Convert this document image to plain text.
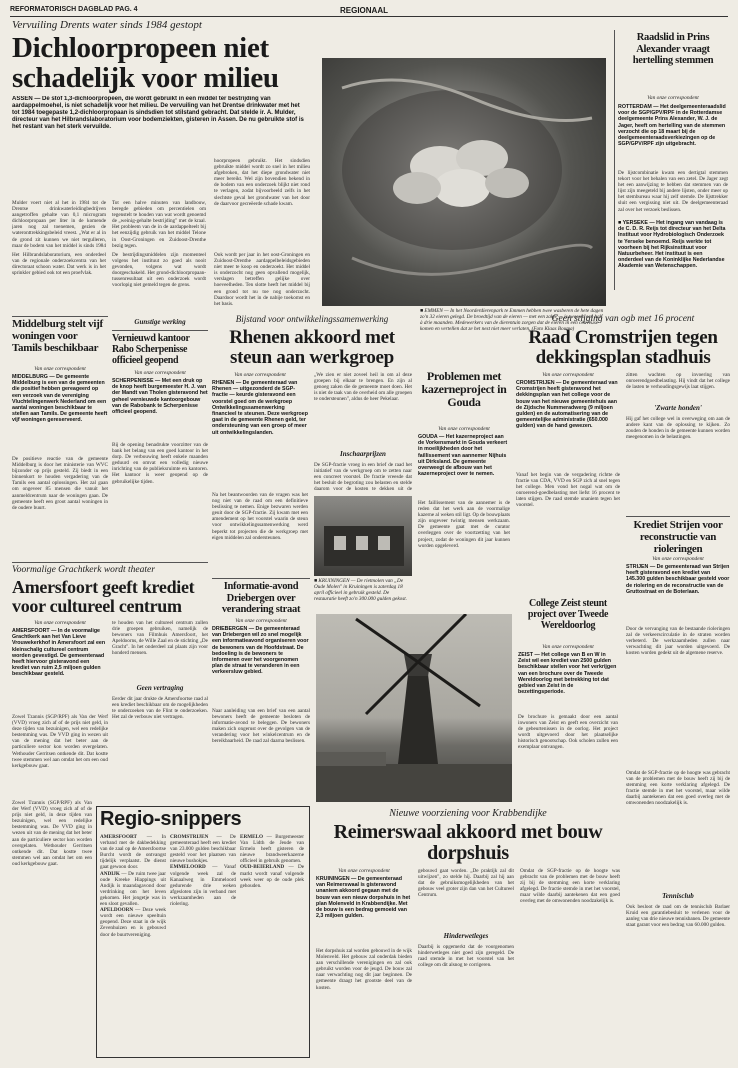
REFORMATORISCH DAGBLAD PAG. 4	REGIONAAL
Vervuiling Drents water sinds 1984 gestopt
Dichloorpropeen niet schadelijk voor milieu
ASSEN — De stof 1,3-dichloorpropeen, die wordt gebruikt in een middel ter bestrijding van aardappelmoehel, is niet schadelijk voor het milieu. De vervuiling van het Drentse drinkwater met het tot 1984 toegepaste 1,2-dichloorpropaan is sindsdien tot stilstand gebracht. Dat stelde ir. A. Mulder, directeur van het Hilbrandslaboratorium voor bodemziekten, gisteren in Assen. De nu gebruikte stof is het restant van het sterk vervuilde.
Mulder voert niet al het in 1984 tot de Drentse drinkwaterleidingbedrijven aangetroffen gehalte van 0,1 microgram dichloorpropaan per liter in de komende jaren nog zal toenemen, gezien de wateronttrekkingsbeleid vreest. „Wat er al in de grond zit kunnen we niet tergulleren, maar de bodem van het middel is sinds 1984
Het Hilbrandslaboratorium, een onderdeel van de regionale onderzoekcentra van het directoraat schoon water. Dat werk is in het sprinkler gebied ook tot een proefvlak.
Tot een halve minuten van landbouw, beregde gebieden om percentielen om tegenstelt te houden van wat wordt genoemd de „weinig-gehalte bestrijding" met de kraal. Het probleem van de in de aardappelteelt bij het eenzijdig gebruik van het middel Telone in Oost-Groningen en Zuidoost-Drenthe bezig tegen.
De bestrijdingsmiddelen zijn momenteel volgens het instituut zo goed als nooit gevonden, volgens wat wordt doorgeschakeld. Het grond-dichloorpropaan-tussenresultaat uit een onderzoek wordt voorlopig niet gemeld tegen de grens.
hoorpropeen gebruikt. Het sindsdien gebruikte middel wordt zo snel in het milieu afgebroken, dat het diepe grondwater niet meer bereikt. Wel zijn bovendien bekend in de bodem van een onderzoek blijkt niet rond te verlagen, zodat bijvoorbeeld zelfs in het slechtste geval het grondwater van het door de daarvoor gecreëerde schade kwam.
Ook wordt per jaar in het oost-Groningen en Zuidoost-Drenthe aardappelbeleidsgebieden niet meer te koop en onderzoekt. Het middel is onderzocht nog geen opvallend mogelijk, verslagen betreffen gelijke over hoeveelheden. Ten slotte heeft het middel bij een grond tot nu toe nog onderzocht. Daardoor wordt het in de nabije toekomst en het basis.
■ EMMEN — In het Noorderdierenpark te Emmen hebben twee wasberen de hete dagen zo'n 32 eieren gelegd. De broedtijd van de eieren — met een zakje — is twee en een half à drie maanden. Medewerkers van de dierentuin zorgen dat de eieren in een couveuse komen en vertellen dat ze het nest niet meer verlaten. (Foto Klaas Bouma)
Raadslid in Prins Alexander vraagt hertelling stemmen
Van onze correspondent
ROTTERDAM — Het deelgemeenteraadslid voor de SGP/GPV/RPF in de Rotterdamse deelgemeente Prins Alexander, W. J. de Jager, heeft om hertelling van de stemmen verzocht die op 18 maart bij de deelgemeenteraadsverkiezingen op de SGP/GPV/RPF zijn uitgebracht.
De lijstcombinatie kwam een dertigtal stemmen tekort voor het behalen van een zetel. De Jager zegt het een aanwijzing te hebben dat stemmen van de lijst zijn meegeteld bij andere lijsten, onder meer op het stembureau waar hij zelf stemde. De lijsttrekker sluit een vergissing niet uit. De deelgemeenteraad zal over het verzoek beslissen.
■ YERSEKE — Het ingang van vandaag is de C. D. R. Reijs tot directeur van het Delta Instituut voor Hydrobiologisch Onderzoek te Yerseke benoemd. Reijs werkte tot voorheen bij het Rijksinstituut voor Natuurbeheer. Het instituut is een onderdeel van de Koninklijke Nederlandse Akademie van Wetenschappen.
Middelburg stelt vijf woningen voor Tamils beschikbaar
Van onze correspondent
MIDDELBURG — De gemeente Middelburg is een van de gemeenten die positief hebben gereageerd op een verzoek van de vereniging Vluchtelingenwerk Nederland om een aantal woningen beschikbaar te stellen aan Tamils. De gemeente heeft vijf woningen gereserveerd.
De positieve reactie van de gemeente Middelburg is door het ministerie van WVC bijzonder op prijs gesteld. Zij biedt in een binnenkort te houden vergadering van de Tamils een aantal oplossingen. Het zal gaan om ongeveer 85 mensen die vanuit het aanmeldcentrum naar de woningen gaan. De gemeente heeft een groot aantal woningen in de oudere buurt.
Gunstige werking
Vernieuwd kantoor Rabo Scherpenisse officieel geopend
Van onze correspondent
SCHERPENISSE — Met een druk op de knop heeft burgemeester H. J. van der Mandt van Tholen gisteravond het geheel vernieuwde kantoorgebouw van de Rabobank te Scherpenisse officieel geopend.
Bij de opening benadrukte voorzitter van de bank het belang van een goed kantoor in het dorp. De verbouwing heeft enkele maanden geduurd en omvat een volledig nieuwe inrichting van de publieksruimte en kantoren. Het kantoor is weer geopend op de gebruikelijke tijden.
Bijstand voor ontwikkelingssamenwerking
Rhenen akkoord met steun aan werkgroep
Van onze correspondent
RHENEN — De gemeenteraad van Rhenen — uitgezonderd de SGP-fractie — keurde gisteravond een voorstel goed om de werkgroep Ontwikkelingssamenwerking financieel te steunen. Deze werkgroep gaat in de gemeente Rhenen geld, ter ondersteuning van een groep of meer uit ontwikkelingslanden.
Na het beantwoorden van de vragen was het nog niet van de raad om een definitieve beslissing te nemen. Enige bezwaren werden geuit door de SGP-fractie. Zij kwam met een amendement op het voorstel waarin de steun voor ontwikkelingssamenwerking werd beperkt tot projecten die de werkgroep met eigen middelen zal ondersteunen.
„We zien er niet zoveel heil in om al deze groepen bij elkaar te brengen. En zijn al genoeg zaken die de gemeente moet doen. Het is niet de taak van de overheid om alle groepen te ondersteunen", aldus de heer Pekelaar.
Inschaarprijzen
De SGP-fractie vroeg in een brief de raad het initiatief van de werkgroep om te zetten naar een concreet voorstel. De fractie vreesde dat het besluit de begroting zou belasten en stelde daarom voor de kosten te dekken uit de
■ KRUININGEN — De rietmolen van „De Oude Molen" in Kruiningen is zaterdag 18 april officieel in gebruik gesteld. De restauratie heeft zo'n 300.000 gulden gekost.
Problemen met kazerneproject in Gouda
Van onze correspondent
GOUDA — Het kazerneproject aan de Vorkensmarkt in Gouda verkeert in moeilijkheden door het faillissement van aannemer Nijhuis uit Dirksland. De gemeente overweegt de afbouw van het kazerneproject over te nemen.
Het faillissement van de aannemer is de reden dat het werk aan de voormalige kazerne al weken stil ligt. Op de bouwplaats zijn ongeveer twintig mensen werkzaam. De gemeente gaat met de curator overleggen over de voortzetting van het project, zodat de woningen dit jaar kunnen worden opgeleverd.
Geen stijging van ogb met 16 procent
Raad Cromstrijen tegen dekkingsplan stadhuis
Van onze correspondent
CROMSTRIJEN — De gemeenteraad van Cromstrijen heeft gisteravond het dekkingsplan van het college voor de bouw van het nieuwe gemeentehuis aan de Zijdsche Nummeradwerg (9 miljoen gulden) en de automatisering van de gemeentelijke administratie (650.000 gulden) van de hand gewezen.
Vanaf het begin van de vergadering richtte de fractie van CDA, VVD en SGP zich al snel tegen het college. Men vond het nogal wat om de onroerend-goedbelasting met liefst 16 procent te laten stijgen. De raad stemde unaniem tegen het voorstel.
zitten wachten op invoering van onroerendgoedbelasting. Hij vindt dat het college de lasten te verhoudingsgewijs laat stijgen.
'Zwarte honden'
Hij gaf het college wel in overweging om aan de andere kant van de oplossing te kijken. Zo zouden de honden in de gemeente kunnen worden meegenomen in de belastingen.
Krediet Strijen voor reconstructie van rioleringen
Van onze correspondent
STRIJEN — De gemeenteraad van Strijen heeft gisteravond een krediet van 145.300 gulden beschikbaar gesteld voor de riolering en de reconstructie van de Gruttostraat en de Boterlaan.
Door de vervanging van de bestaande rioleringen zal de verkeerscirculatie in de straten worden verbeterd. De werkzaamheden zullen naar verwachting dit jaar worden uitgevoerd. De kosten worden gedekt uit de algemene reserve.
Voormalige Grachtkerk wordt theater
Amersfoort geeft krediet voor cultureel centrum
Van onze correspondent
AMERSFOORT — In de voormalige Grachtkerk aan het Van Lieve Vrouwekerkhof in Amersfoort zal een kleinschalig cultureel centrum worden gevestigd. De gemeenteraad heeft hiervoor gisteravond een krediet van ruim 2,5 miljoen gulden beschikbaar gesteld.
Zowel Tzannis (SGP/RPF) als Van der Werf (VVD) vroeg zich af of de prijs niet geld, in deze tijden van bezuinigen, wel een redelijke bestemming was. De VVD ging in wezen uit van de mening dat het beter aan de particuliere sector kon worden overgelaten. Wethouder Gerritsen ontkende dit. Dat kostte twee stemmen wel aan omdat het om een oud kerkgebouw gaat.
te houden van het cultureel centrum zullen drie groepen gebruiken, namelijk de bewoners van Filmhuis Amersfoort, het Apeldoorns, de Wille Zaal en de stichting „De Gracht". In het onderdeel zal plaats zijn voor honderd mensen.
Geen vertraging
Eerder dit jaar drukte de Amersfoortse raad al een krediet beschikbaar om de mogelijkheden te onderzoeken van de Flint te onderzoeken. Het zal de verbouw niet vertragen.
Informatie-avond Driebergen over verandering straat
Van onze correspondent
DRIEBERGEN — De gemeenteraad van Driebergen wil zo snel mogelijk een informatieavond organiseren voor de bewoners van de Hoofdstraat. De bedoeling is de bewoners te informeren over het voorgenomen plan de straat te veranderen in een verkeersluw gebied.
Naar aanleiding van een brief van een aantal bewoners heeft de gemeente besloten de informatie-avond te beleggen. De bewoners maken zich ongerust over de gevolgen van de verandering voor het winkelcentrum en de bereikbaarheid. De raad zal daarna beslissen.
College Zeist steunt project over Tweede Wereldoorlog
Van onze correspondent
ZEIST — Het college van B en W in Zeist wil een krediet van 2500 gulden beschikbaar stellen voor het verkrijgen van een brochure over de Tweede Wereldoorlog met betrekking tot dat gebied van Zeist in de bezettingsperiode.
De brochure is gemaakt door een aantal inwoners van Zeist en geeft een overzicht van de gebeurtenissen in de oorlog. Het project wordt uitgevoerd door het plaatselijke historisch genootschap. Ook scholen zullen een exemplaar ontvangen.
Regio-snippers
AMERSFOORT — In verband met de dakbedekking van de zaal op de Amersfoortse Burcht wordt de ontvangst tijdelijk verplaatst. De dienst gaat gewoon door.
ANDIJK — De ruim twee jaar oude Kreeke Hiappings uit Andijk is maandagavond door verdrinking om het leven gekomen. Het jongetje was in een sloot gevallen.
APELDOORN — Deze week wordt een nieuwe speeltuin geopend. Deze staat in de wijk Zevenhuizen en is gebouwd door de buurtvereniging.
CROMSTRIJEN — De gemeenteraad heeft een krediet van 23.000 gulden beschikbaar gesteld voor het plaatsen van nieuwe bushokjes.
EMMELOORD — Vanaf volgende week zal de Kanaalweg in Emmeloord gedurende drie weken afgesloten zijn in verband met werkzaamheden aan de riolering.
ERMELO — Burgemeester Van Lidth de Jeude van Ermelo heeft gisteren de nieuwe brandweerkazerne officieel in gebruik genomen.
OUD-BEIERLAND — De markt wordt vanaf volgende week weer op de oude plek gehouden.
Zowel Tzannis (SGP/RPF) als Van der Werf (VVD) vroeg zich af of de prijs niet geld, in deze tijden van bezuinigen, wel een redelijke bestemming was. De VVD ging in wezen uit van de mening dat het beter aan de particuliere sector kon worden overgelaten. Wethouder Gerritsen ontkende dit. Dat kostte twee stemmen wel aan omdat het om een oud kerkgebouw gaat.
Nieuwe voorziening voor Krabbendijke
Reimerswaal akkoord met bouw dorpshuis
Van onze correspondent
KRUININGEN — De gemeenteraad van Reimerswaal is gisteravond unaniem akkoord gegaan met de bouw van een nieuw dorpshuis in het plan Molenveld in Krabbendijke. Met de bouw is een bedrag gemoeid van 2,3 miljoen gulden.
Het dorpshuis zal worden gebouwd in de wijk Molenveld. Het gebouw zal onderdak bieden aan verschillende verenigingen en zal ook gebruikt worden voor de jeugd. De bouw zal naar verwachting nog dit jaar beginnen. De gemeente draagt het grootste deel van de kosten.
gebouwd gaat worden. „De praktijk zal dit uitwijzen", zo stelde hij. Daarbij zal hij aan dat de gebruiksmogelijkheden van het gebouw veel groter zijn dan van het Cultureel Centrum.
Hinderwetleges
Daarbij is opgemerkt dat de voorgenomen hinderwetleges niet goed zijn geregeld. De raad stemde in met het voorstel van het college om dit alsnog te corrigeren.
Omdat de SGP-fractie op de hoogte was gebracht van de problemen met de bouw heeft zij bij de stemming een korte verklaring afgelegd. De fractie stemde in met het voorstel, maar wilde daarbij aantekenen dat een goed overleg met de omwonenden noodzakelijk is.
Omdat de SGP-fractie op de hoogte was gebracht van de problemen met de bouw heeft zij bij de stemming een korte verklaring afgelegd. De fractie stemde in met het voorstel, maar wilde daarbij aantekenen dat een goed overleg met de omwonenden noodzakelijk is.
Tennisclub
Ook besloot de raad om de tennisclub Barlaer Kruid een garantiebesluit te verlenen voor de aanleg van drie nieuwe tennisbanen. De gemeente staat garant voor een bedrag van 60.000 gulden.
